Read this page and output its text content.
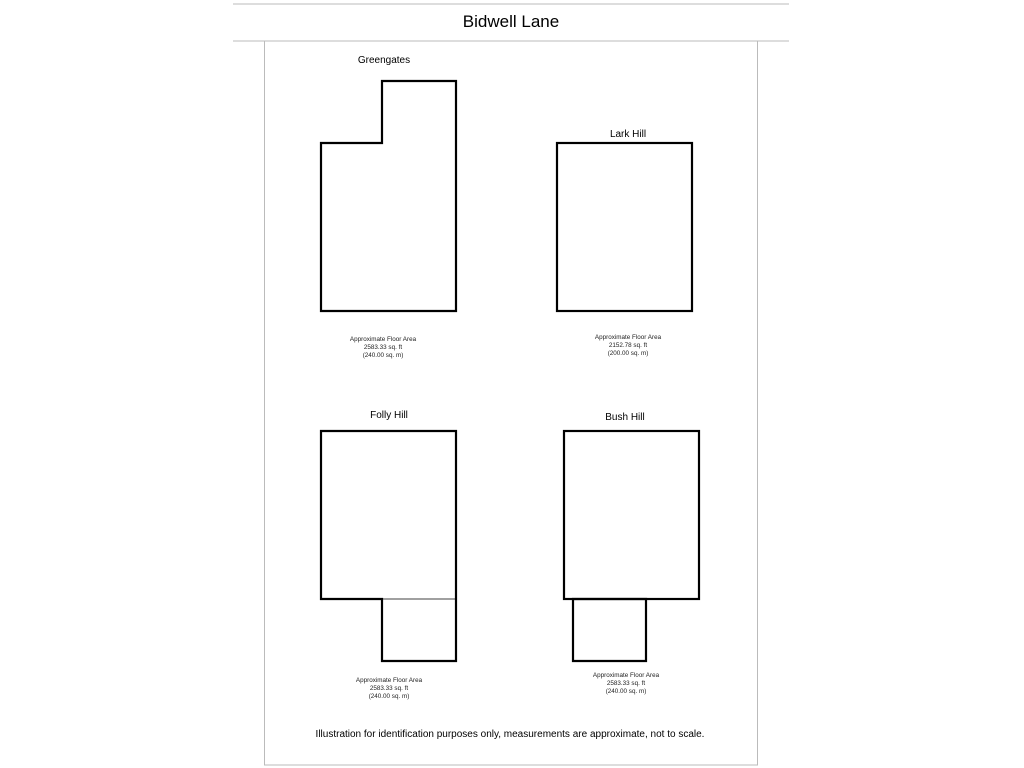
Bidwell Lane
Greengates
Approximate Floor Area
2583.33 sq. ft
(240.00 sq. m)
Lark Hill
Approximate Floor Area
2152.78 sq. ft
(200.00 sq. m)
Folly Hill
Approximate Floor Area
2583.33 sq. ft
(240.00 sq. m)
Bush Hill
Approximate Floor Area
2583.33 sq. ft
(240.00 sq. m)
Illustration for identification purposes only, measurements are approximate, not to scale.
